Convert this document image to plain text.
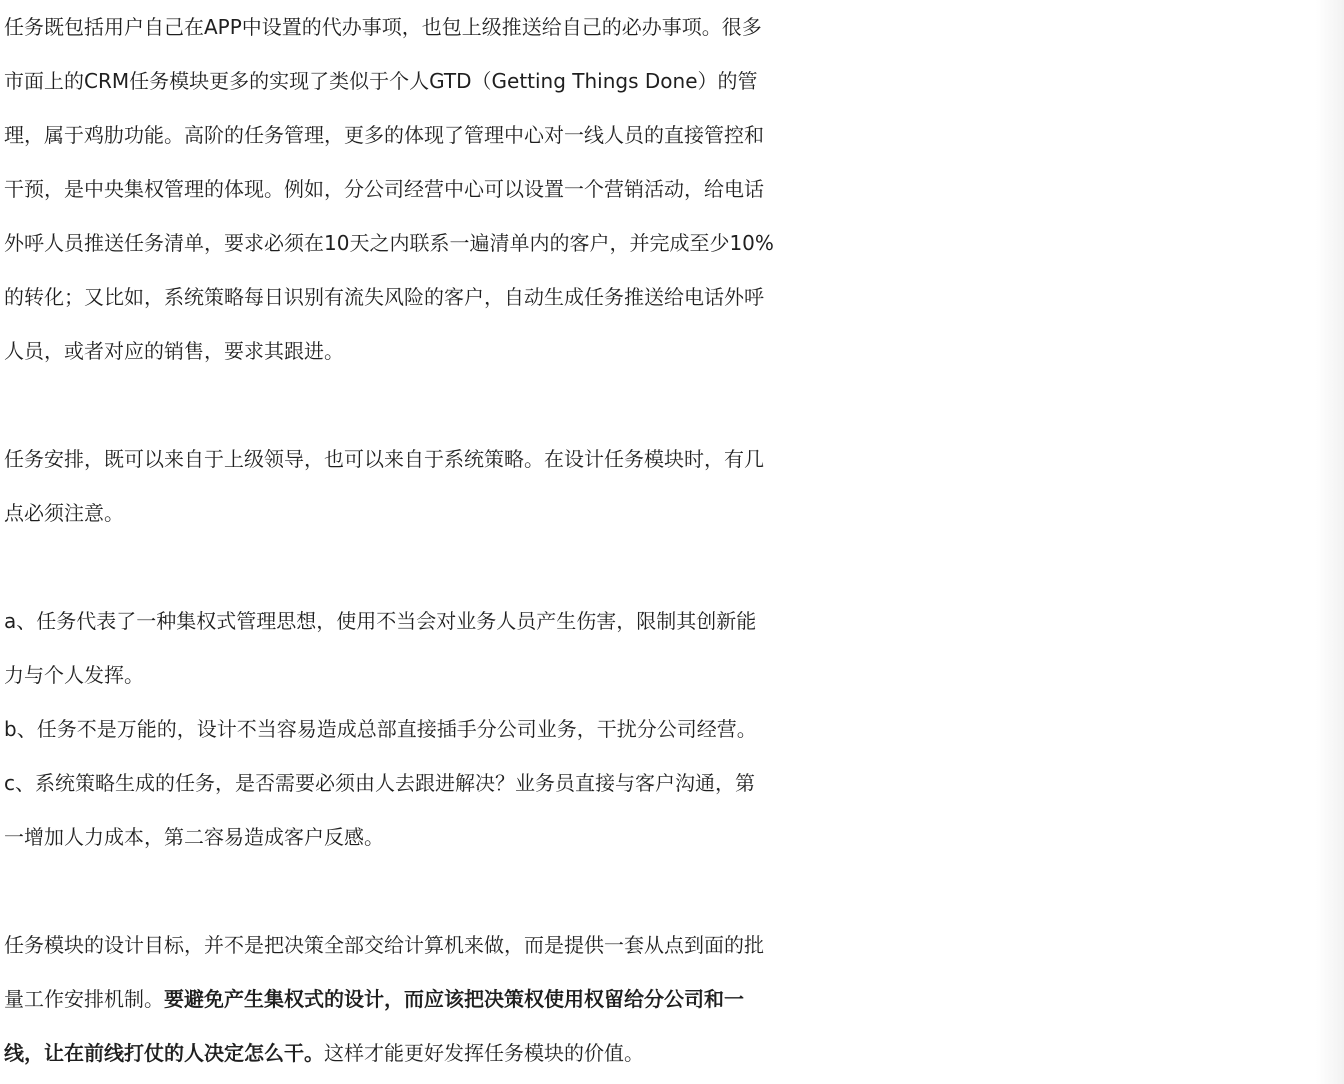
任务既包括用户自己在APP中设置的代办事项，也包上级推送给自己的必办事项。很多
市面上的CRM任务模块更多的实现了类似于个人GTD（Getting Things Done）的管
理，属于鸡肋功能。高阶的任务管理，更多的体现了管理中心对一线人员的直接管控和
干预，是中央集权管理的体现。例如，分公司经营中心可以设置一个营销活动，给电话
外呼人员推送任务清单，要求必须在10天之内联系一遍清单内的客户，并完成至少10%
的转化；又比如，系统策略每日识别有流失风险的客户，自动生成任务推送给电话外呼
人员，或者对应的销售，要求其跟进。
任务安排，既可以来自于上级领导，也可以来自于系统策略。在设计任务模块时，有几
点必须注意。
a、任务代表了一种集权式管理思想，使用不当会对业务人员产生伤害，限制其创新能
力与个人发挥。
b、任务不是万能的，设计不当容易造成总部直接插手分公司业务，干扰分公司经营。
c、系统策略生成的任务，是否需要必须由人去跟进解决？业务员直接与客户沟通，第
一增加人力成本，第二容易造成客户反感。
任务模块的设计目标，并不是把决策全部交给计算机来做，而是提供一套从点到面的批
量工作安排机制。要避免产生集权式的设计，而应该把决策权使用权留给分公司和一
线，让在前线打仗的人决定怎么干。这样才能更好发挥任务模块的价值。
